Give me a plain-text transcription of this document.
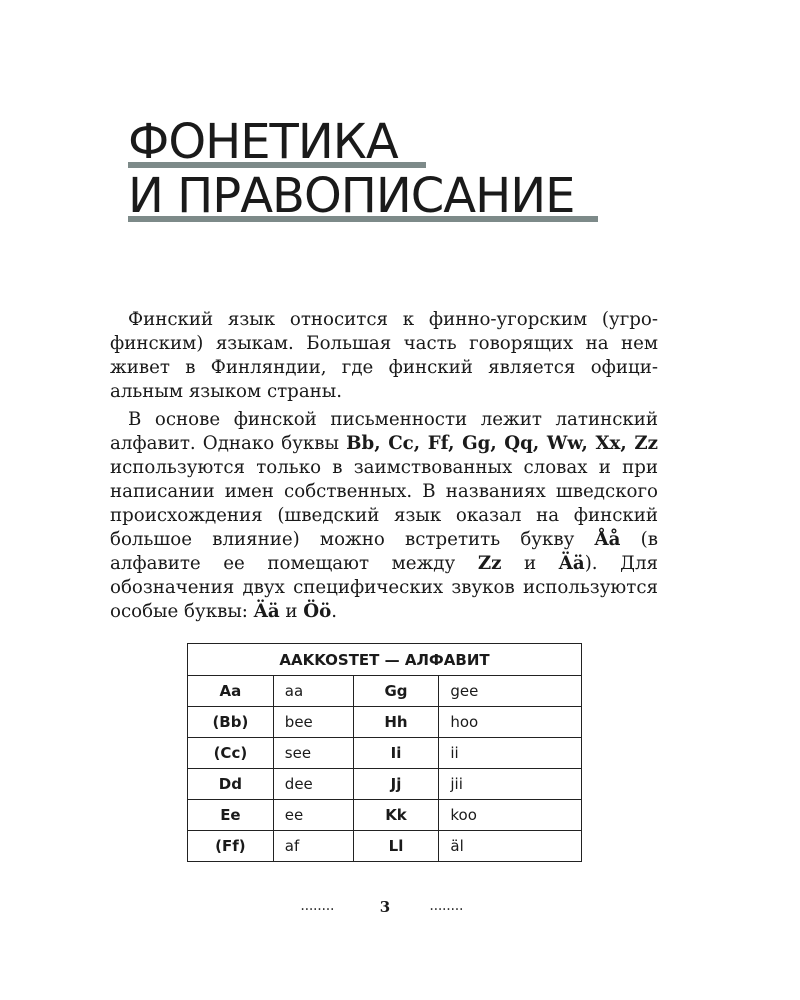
ФОНЕТИКА
И ПРАВОПИСАНИЕ

Финский язык относится к финно-угорским (угро-финским) языкам. Большая часть говорящих на нем живет в Финляндии, где финский является официальным языком страны.

В основе финской письменности лежит латинский алфавит. Однако буквы Bb, Cc, Ff, Gg, Qq, Ww, Xx, Zz используются только в заимствованных словах и при написании имен собственных. В названиях шведского происхождения (шведский язык оказал на финский большое влияние) можно встретить букву Åå (в алфавите ее помещают между Zz и Ää). Для обозначения двух специфических звуков используются особые буквы: Ää и Öö.

AAKKOSTET — АЛФАВИТ			
Aa	aa	Gg	gee
(Bb)	bee	Hh	hoo
(Cc)	see	Ii	ii
Dd	dee	Jj	jii
Ee	ee	Kk	koo
(Ff)	af	Ll	äl
........	3	........
